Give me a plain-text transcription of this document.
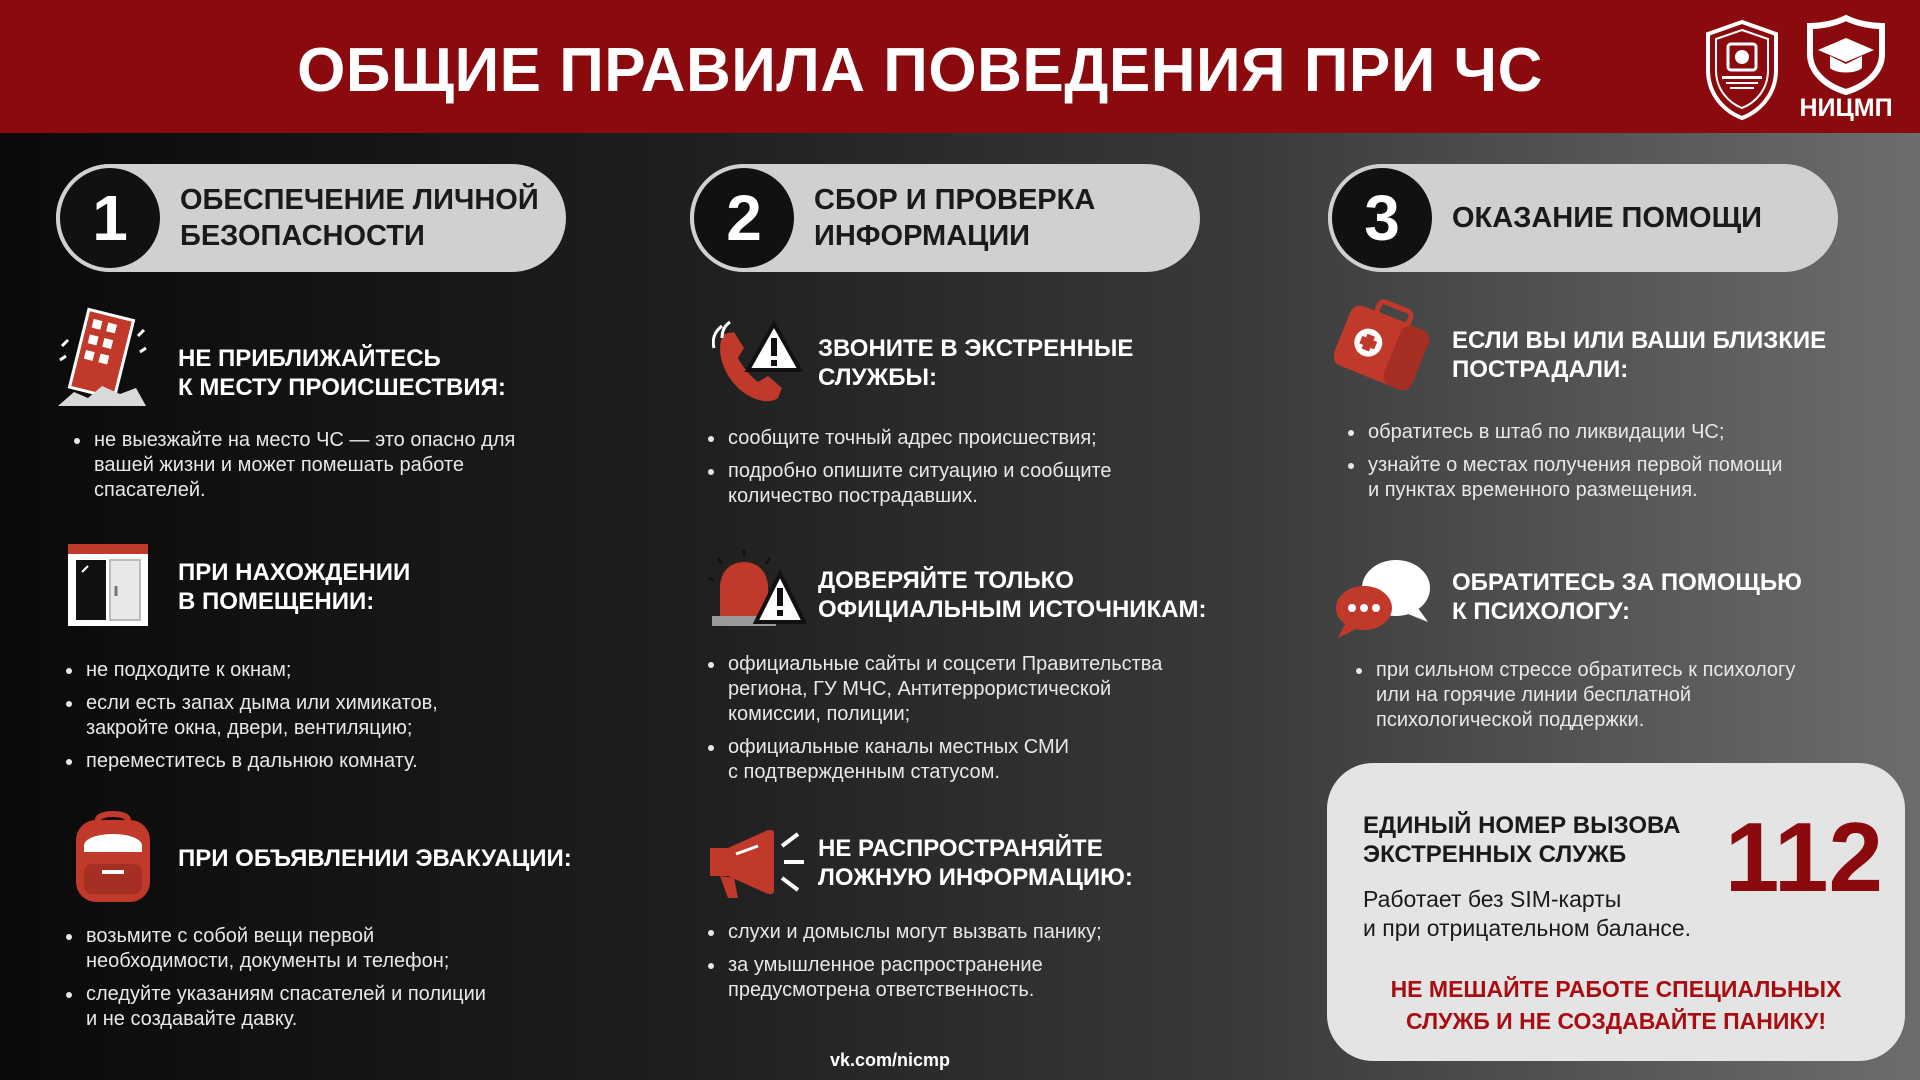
ОБЩИЕ ПРАВИЛА ПОВЕДЕНИЯ ПРИ ЧС
НИЦМП
1	ОБЕСПЕЧЕНИЕ ЛИЧНОЙ
БЕЗОПАСНОСТИ	2	СБОР И ПРОВЕРКА
ИНФОРМАЦИИ	3	ОКАЗАНИЕ ПОМОЩИ
НЕ ПРИБЛИЖАЙТЕСЬ
К МЕСТУ ПРОИСШЕСТВИЯ:
не выезжайте на место ЧС — это опасно для
вашей жизни и может помешать работе
спасателей.
ПРИ НАХОЖДЕНИИ
В ПОМЕЩЕНИИ:
не подходите к окнам;
если есть запах дыма или химикатов,
закройте окна, двери, вентиляцию;
переместитесь в дальнюю комнату.
ПРИ ОБЪЯВЛЕНИИ ЭВАКУАЦИИ:
возьмите с собой вещи первой
необходимости, документы и телефон;
следуйте указаниям спасателей и полиции
и не создавайте давку.
ЗВОНИТЕ В ЭКСТРЕННЫЕ
СЛУЖБЫ:
сообщите точный адрес происшествия;
подробно опишите ситуацию и сообщите
количество пострадавших.
ДОВЕРЯЙТЕ ТОЛЬКО
ОФИЦИАЛЬНЫМ ИСТОЧНИКАМ:
официальные сайты и соцсети Правительства
региона, ГУ МЧС, Антитеррористической
комиссии, полиции;
официальные каналы местных СМИ
с подтвержденным статусом.
НЕ РАСПРОСТРАНЯЙТЕ
ЛОЖНУЮ ИНФОРМАЦИЮ:
слухи и домыслы могут вызвать панику;
за умышленное распространение
предусмотрена ответственность.
ЕСЛИ ВЫ ИЛИ ВАШИ БЛИЗКИЕ
ПОСТРАДАЛИ:
обратитесь в штаб по ликвидации ЧС;
узнайте о местах получения первой помощи
и пунктах временного размещения.
ОБРАТИТЕСЬ ЗА ПОМОЩЬЮ
К ПСИХОЛОГУ:
при сильном стрессе обратитесь к психологу
или на горячие линии бесплатной
психологической поддержки.
ЕДИНЫЙ НОМЕР ВЫЗОВА
ЭКСТРЕННЫХ СЛУЖБ	112
Работает без SIM-карты
и при отрицательном балансе.
НЕ МЕШАЙТЕ РАБОТЕ СПЕЦИАЛЬНЫХ
СЛУЖБ И НЕ СОЗДАВАЙТЕ ПАНИКУ!
vk.com/nicmp
